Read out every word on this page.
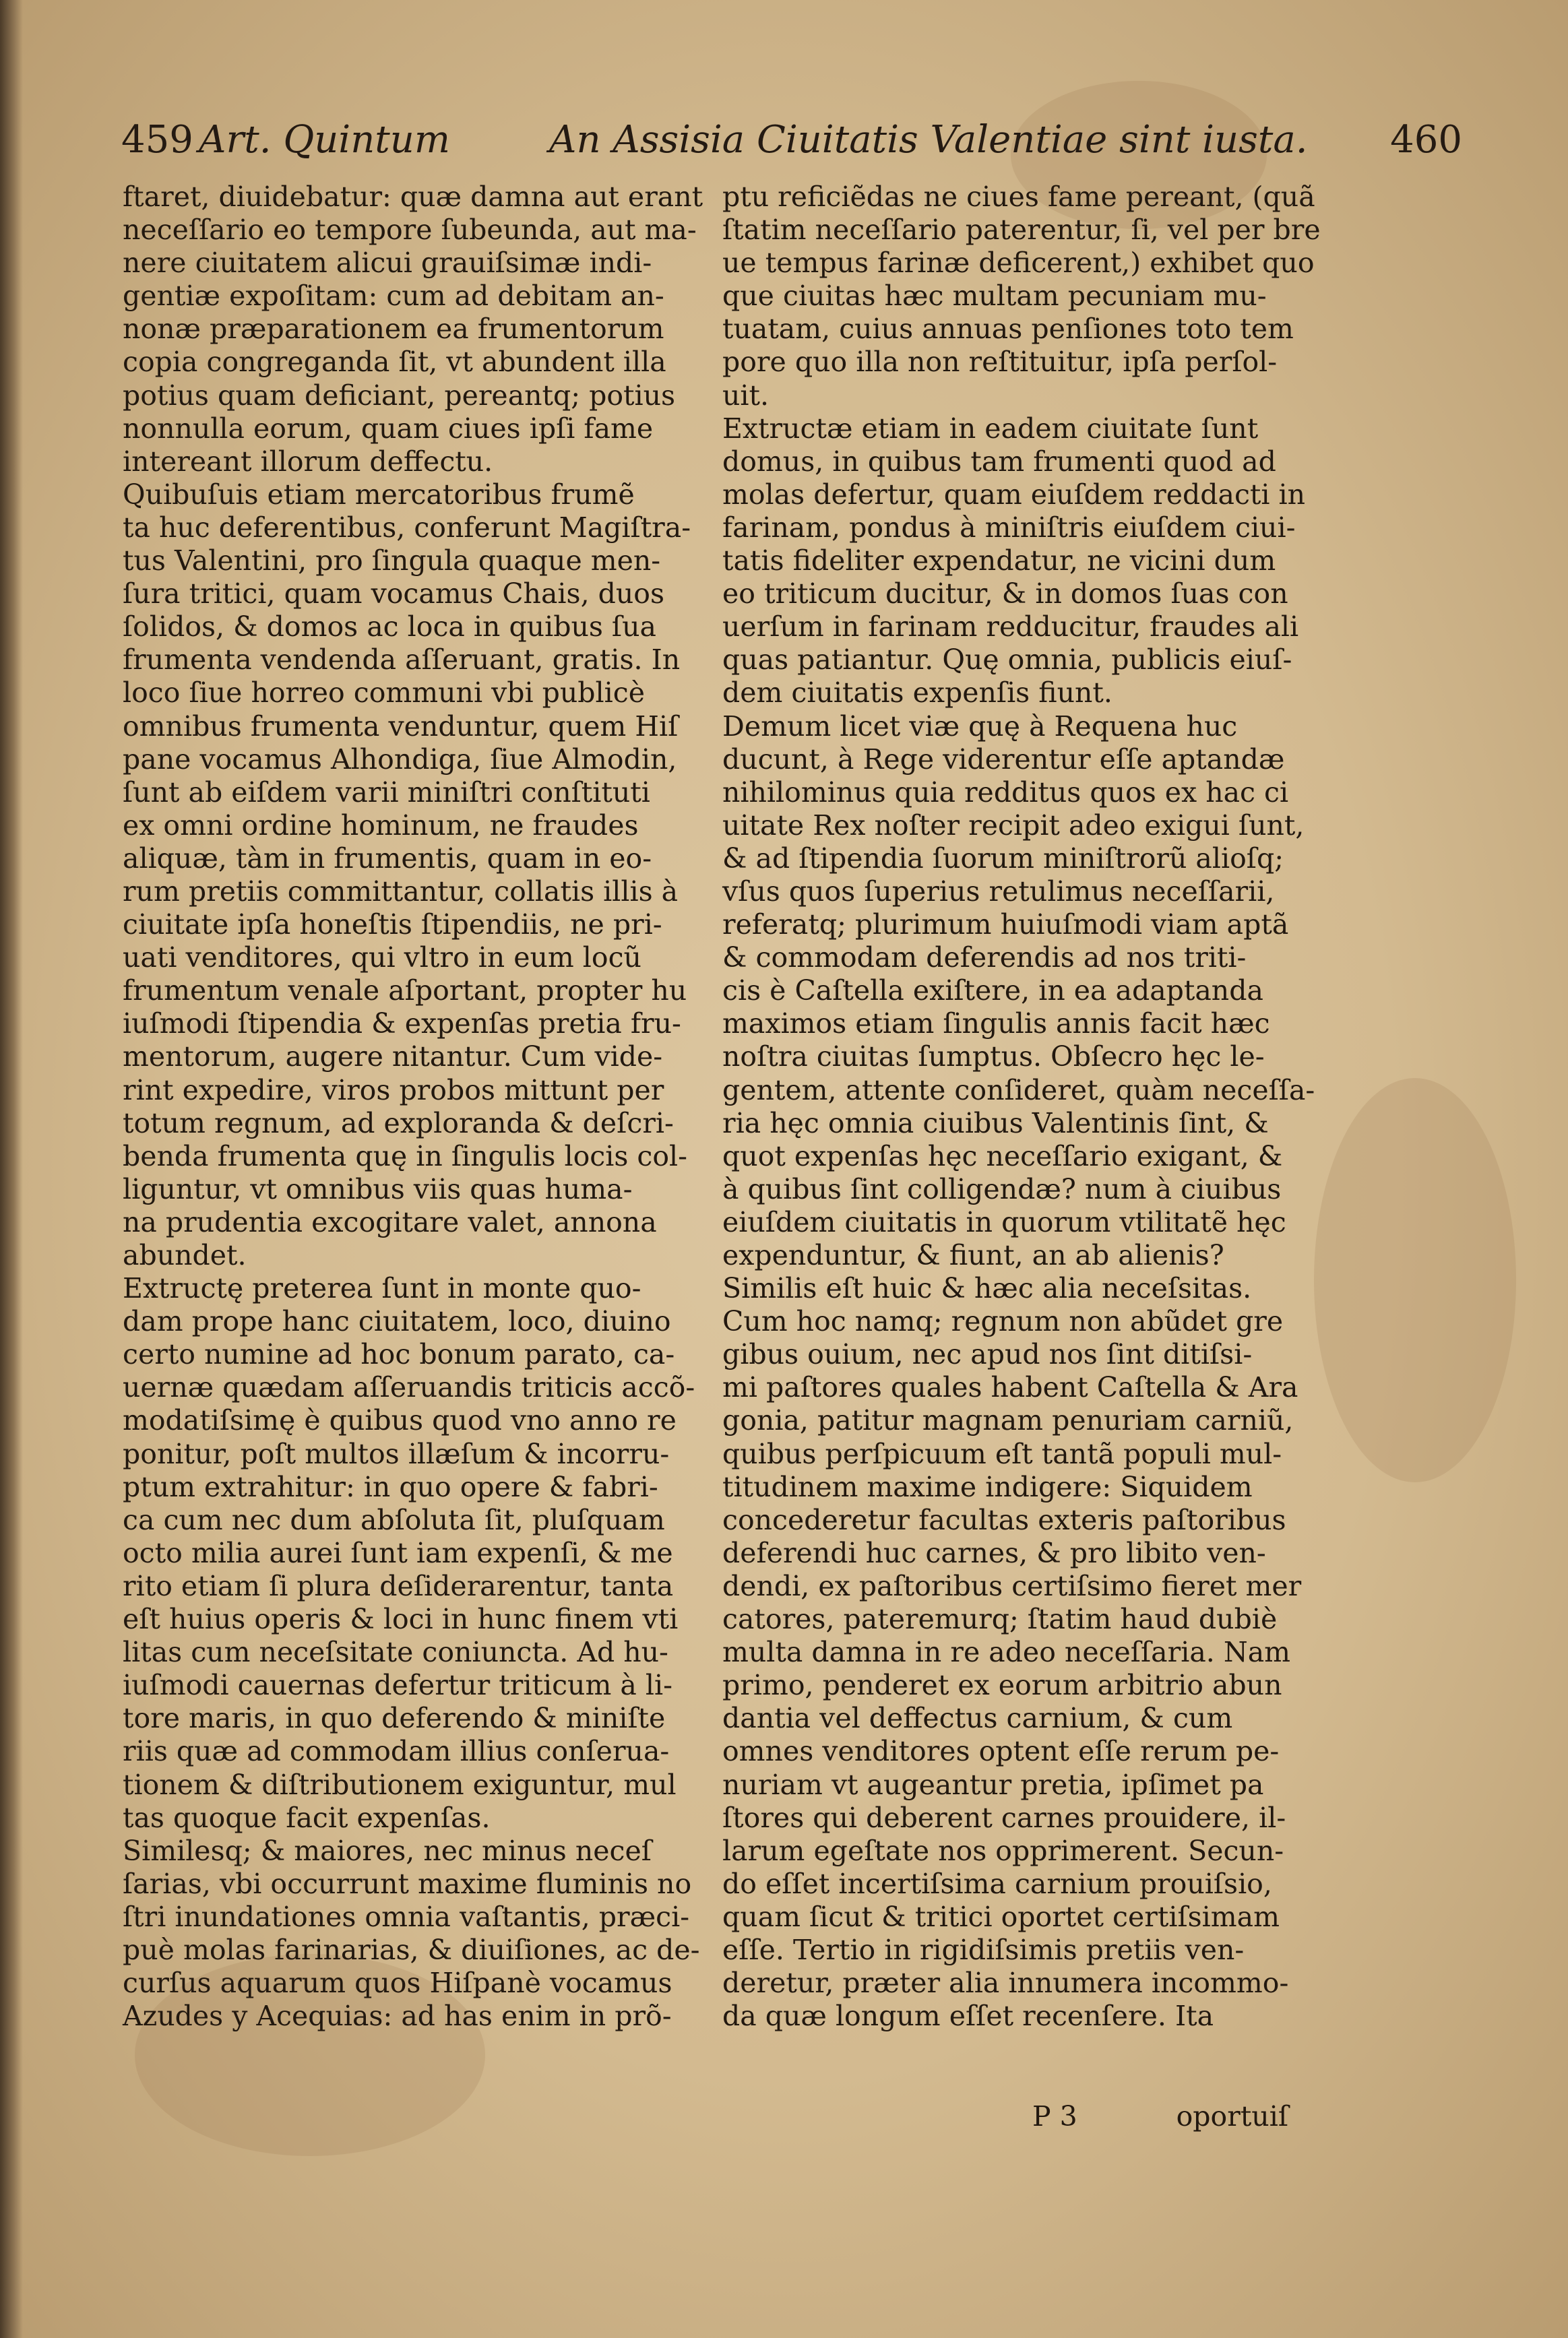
459 Art. Quintum	An Assisia Ciuitatis Valentiae sint iusta. 460
ftaret, diuidebatur: quæ damna aut erant
neceſſario eo tempore ſubeunda, aut ma-
nere ciuitatem alicui grauiſsimæ indi-
gentiæ expoſitam: cum ad debitam an-
nonæ præparationem ea frumentorum
copia congreganda ſit, vt abundent illa
potius quam deficiant, pereantq; potius
nonnulla eorum, quam ciues ipſi fame
intereant illorum deffectu.
Quibuſuis etiam mercatoribus frumẽ
ta huc deferentibus, conferunt Magiſtra-
tus Valentini, pro ſingula quaque men-
ſura tritici, quam vocamus Chais, duos
ſolidos, & domos ac loca in quibus ſua
frumenta vendenda aſſeruant, gratis. In
loco ſiue horreo communi vbi publicè
omnibus frumenta venduntur, quem Hiſ
pane vocamus Alhondiga, ſiue Almodin,
ſunt ab eiſdem varii miniſtri conſtituti
ex omni ordine hominum, ne fraudes
aliquæ, tàm in frumentis, quam in eo-
rum pretiis committantur, collatis illis à
ciuitate ipſa honeſtis ſtipendiis, ne pri-
uati venditores, qui vltro in eum locũ
frumentum venale aſportant, propter hu
iuſmodi ſtipendia & expenſas pretia fru-
mentorum, augere nitantur. Cum vide-
rint expedire, viros probos mittunt per
totum regnum, ad exploranda & deſcri-
benda frumenta quę in ſingulis locis col-
liguntur, vt omnibus viis quas huma-
na prudentia excogitare valet, annona
abundet.
Extructę preterea ſunt in monte quo-
dam prope hanc ciuitatem, loco, diuino
certo numine ad hoc bonum parato, ca-
uernæ quædam aſſeruandis triticis accõ-
modatiſsimę è quibus quod vno anno re
ponitur, poſt multos illæſum & incorru-
ptum extrahitur: in quo opere & fabri-
ca cum nec dum abſoluta ſit, pluſquam
octo milia aurei ſunt iam expenſi, & me
rito etiam ſi plura deſiderarentur, tanta
eſt huius operis & loci in hunc finem vti
litas cum neceſsitate coniuncta. Ad hu-
iuſmodi cauernas defertur triticum à li-
tore maris, in quo deferendo & miniſte
riis quæ ad commodam illius conſerua-
tionem & diſtributionem exiguntur, mul
tas quoque facit expenſas.
Similesq; & maiores, nec minus neceſ
ſarias, vbi occurrunt maxime fluminis no
ſtri inundationes omnia vaſtantis, præci-
puè molas farinarias, & diuiſiones, ac de-
curſus aquarum quos Hiſpanè vocamus
Azudes y Acequias: ad has enim in prõ-
ptu reficiẽdas ne ciues fame pereant, (quã
ſtatim neceſſario paterentur, ſi, vel per bre
ue tempus farinæ deficerent,) exhibet quo
que ciuitas hæc multam pecuniam mu-
tuatam, cuius annuas penſiones toto tem
pore quo illa non reſtituitur, ipſa perſol-
uit.
Extructæ etiam in eadem ciuitate ſunt
domus, in quibus tam frumenti quod ad
molas defertur, quam eiuſdem reddacti in
farinam, pondus à miniſtris eiuſdem ciui-
tatis fideliter expendatur, ne vicini dum
eo triticum ducitur, & in domos ſuas con
uerſum in farinam redducitur, fraudes ali
quas patiantur. Quę omnia, publicis eiuſ-
dem ciuitatis expenſis fiunt.
Demum licet viæ quę à Requena huc
ducunt, à Rege viderentur eſſe aptandæ
nihilominus quia redditus quos ex hac ci
uitate Rex noſter recipit adeo exigui ſunt,
& ad ſtipendia ſuorum miniſtrorũ alioſq;
vſus quos ſuperius retulimus neceſſarii,
referatq; plurimum huiuſmodi viam aptã
& commodam deferendis ad nos triti-
cis è Caſtella exiſtere, in ea adaptanda
maximos etiam ſingulis annis facit hæc
noſtra ciuitas ſumptus. Obſecro hęc le-
gentem, attente conſideret, quàm neceſſa-
ria hęc omnia ciuibus Valentinis ſint, &
quot expenſas hęc neceſſario exigant, &
à quibus ſint colligendæ? num à ciuibus
eiuſdem ciuitatis in quorum vtilitatẽ hęc
expenduntur, & fiunt, an ab alienis?
Similis eſt huic & hæc alia neceſsitas.
Cum hoc namq; regnum non abũdet gre
gibus ouium, nec apud nos ſint ditiſsi-
mi paſtores quales habent Caſtella & Ara
gonia, patitur magnam penuriam carniũ,
quibus perſpicuum eſt tantã populi mul-
titudinem maxime indigere: Siquidem
concederetur facultas exteris paſtoribus
deferendi huc carnes, & pro libito ven-
dendi, ex paſtoribus certiſsimo fieret mer
catores, pateremurq; ſtatim haud dubiè
multa damna in re adeo neceſſaria. Nam
primo, penderet ex eorum arbitrio abun
dantia vel deffectus carnium, & cum
omnes venditores optent eſſe rerum pe-
nuriam vt augeantur pretia, ipſimet pa
ſtores qui deberent carnes prouidere, il-
larum egeſtate nos opprimerent. Secun-
do eſſet incertiſsima carnium prouiſsio,
quam ſicut & tritici oportet certiſsimam
eſſe. Tertio in rigidiſsimis pretiis ven-
deretur, præter alia innumera incommo-
da quæ longum eſſet recenſere. Ita
P 3	oportuiſ
